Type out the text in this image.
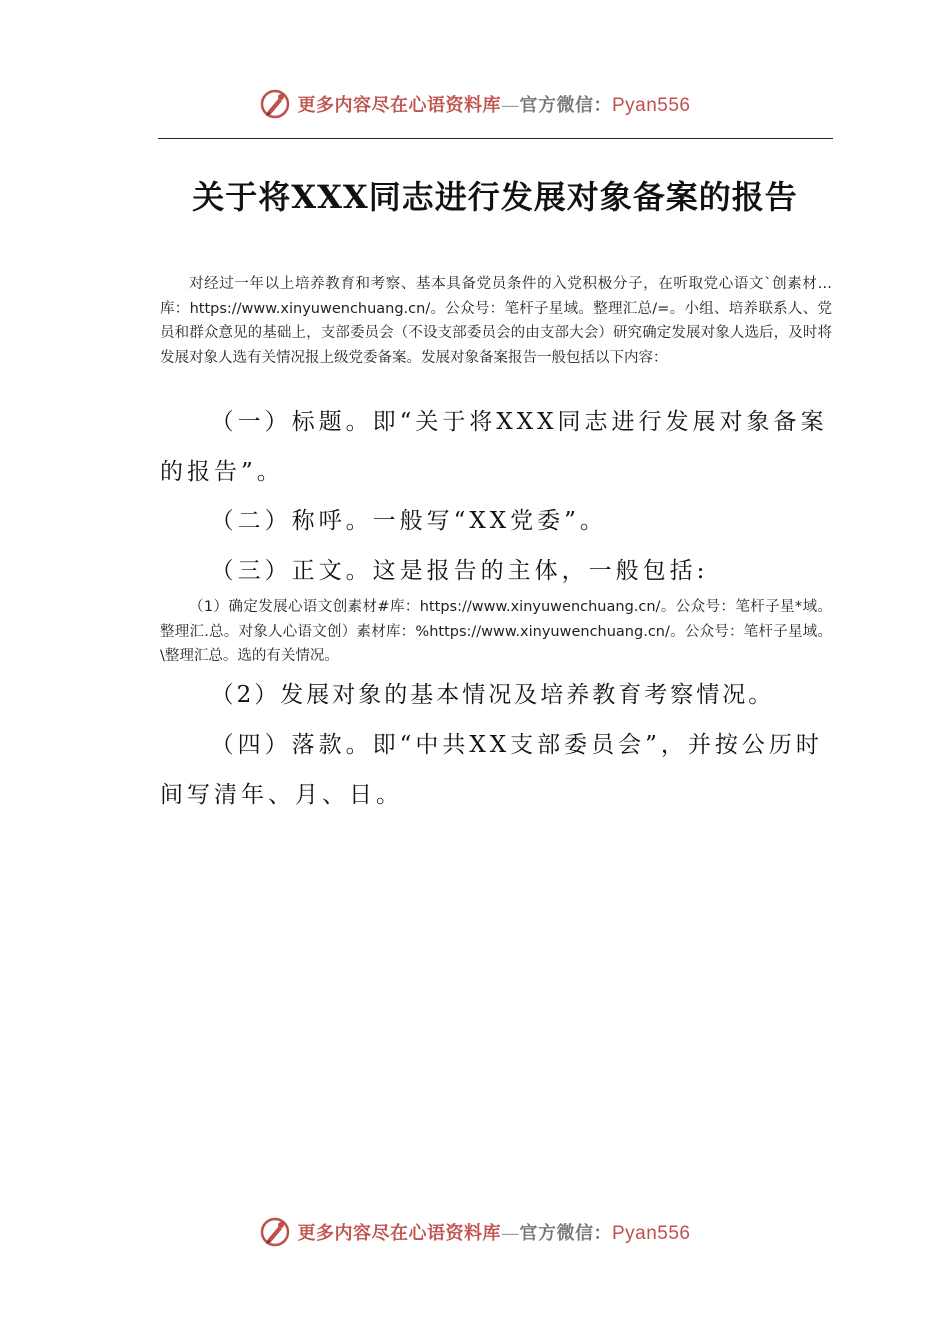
更多内容尽在心语资料库—官方微信：Pyan556
关于将XXX同志进行发展对象备案的报告
对经过一年以上培养教育和考察、基本具备党员条件的入党积极分子，在听取党心语文`创素材…库：https://www.xinyuwenchuang.cn/。公众号：笔杆子星域。整理汇总/=。小组、培养联系人、党员和群众意见的基础上，支部委员会（不设支部委员会的由支部大会）研究确定发展对象人选后，及时将发展对象人选有关情况报上级党委备案。发展对象备案报告一般包括以下内容：
（一）标题。即“关于将XXX同志进行发展对象备案的报告”。
（二）称呼。一般写“XX党委”。
（三）正文。这是报告的主体，一般包括:
（1）确定发展心语文创素材#库：https://www.xinyuwenchuang.cn/。公众号：笔杆子星*域。整理汇.总。对象人心语文创）素材库：%https://www.xinyuwenchuang.cn/。公众号：笔杆子星域。\整理汇总。选的有关情况。
（2）发展对象的基本情况及培养教育考察情况。
（四）落款。即“中共XX支部委员会”，并按公历时间写清年、月、日。
更多内容尽在心语资料库—官方微信：Pyan556
